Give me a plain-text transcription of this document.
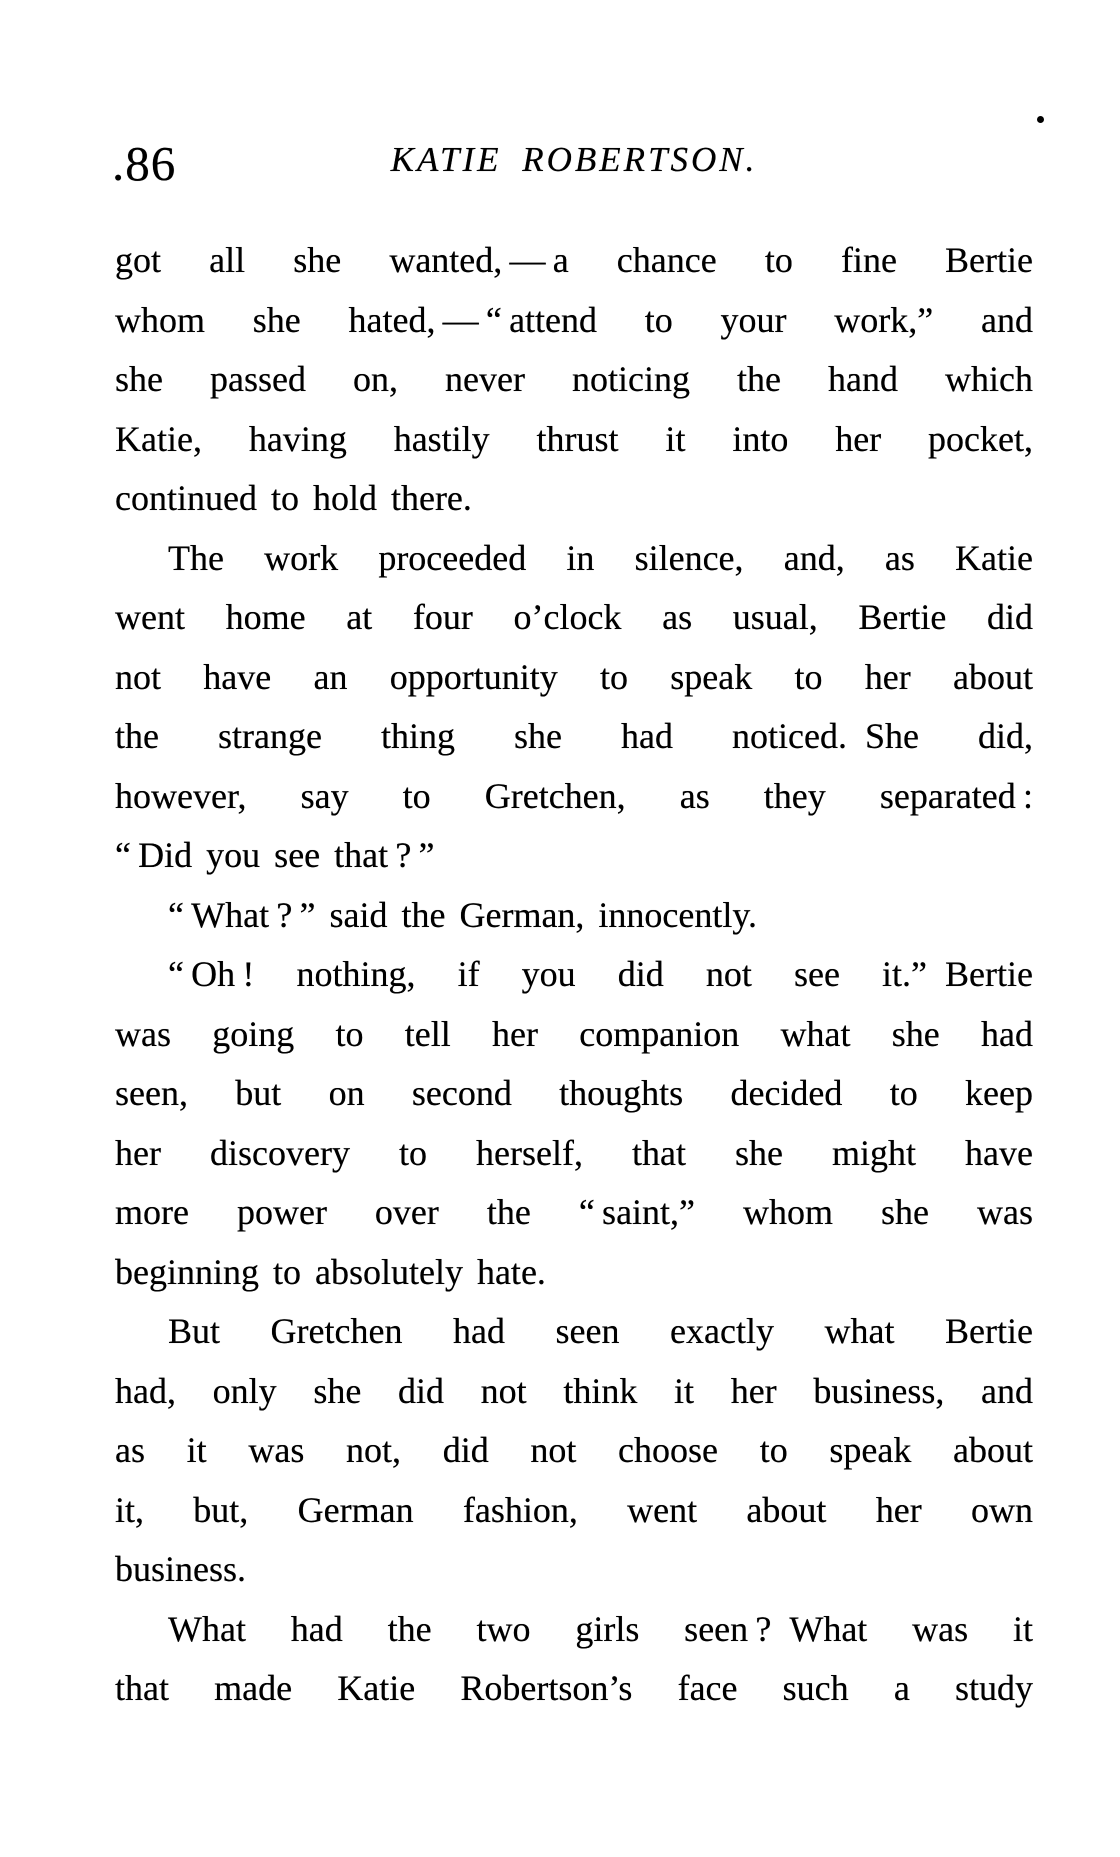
.86	KATIE ROBERTSON.
got all she wanted, — a chance to fine Bertie
whom she hated, — “ attend to your work,” and
she passed on, never noticing the hand which
Katie, having hastily thrust it into her pocket,
continued to hold there.
The work proceeded in silence, and, as Katie
went home at four o’clock as usual, Bertie did
not have an opportunity to speak to her about
the strange thing she had noticed. She did,
however, say to Gretchen, as they separated :
“ Did you see that ? ”
“ What ? ” said the German, innocently.
“ Oh ! nothing, if you did not see it.” Bertie
was going to tell her companion what she had
seen, but on second thoughts decided to keep
her discovery to herself, that she might have
more power over the “ saint,” whom she was
beginning to absolutely hate.
But Gretchen had seen exactly what Bertie
had, only she did not think it her business, and
as it was not, did not choose to speak about
it, but, German fashion, went about her own
business.
What had the two girls seen ? What was it
that made Katie Robertson’s face such a study
